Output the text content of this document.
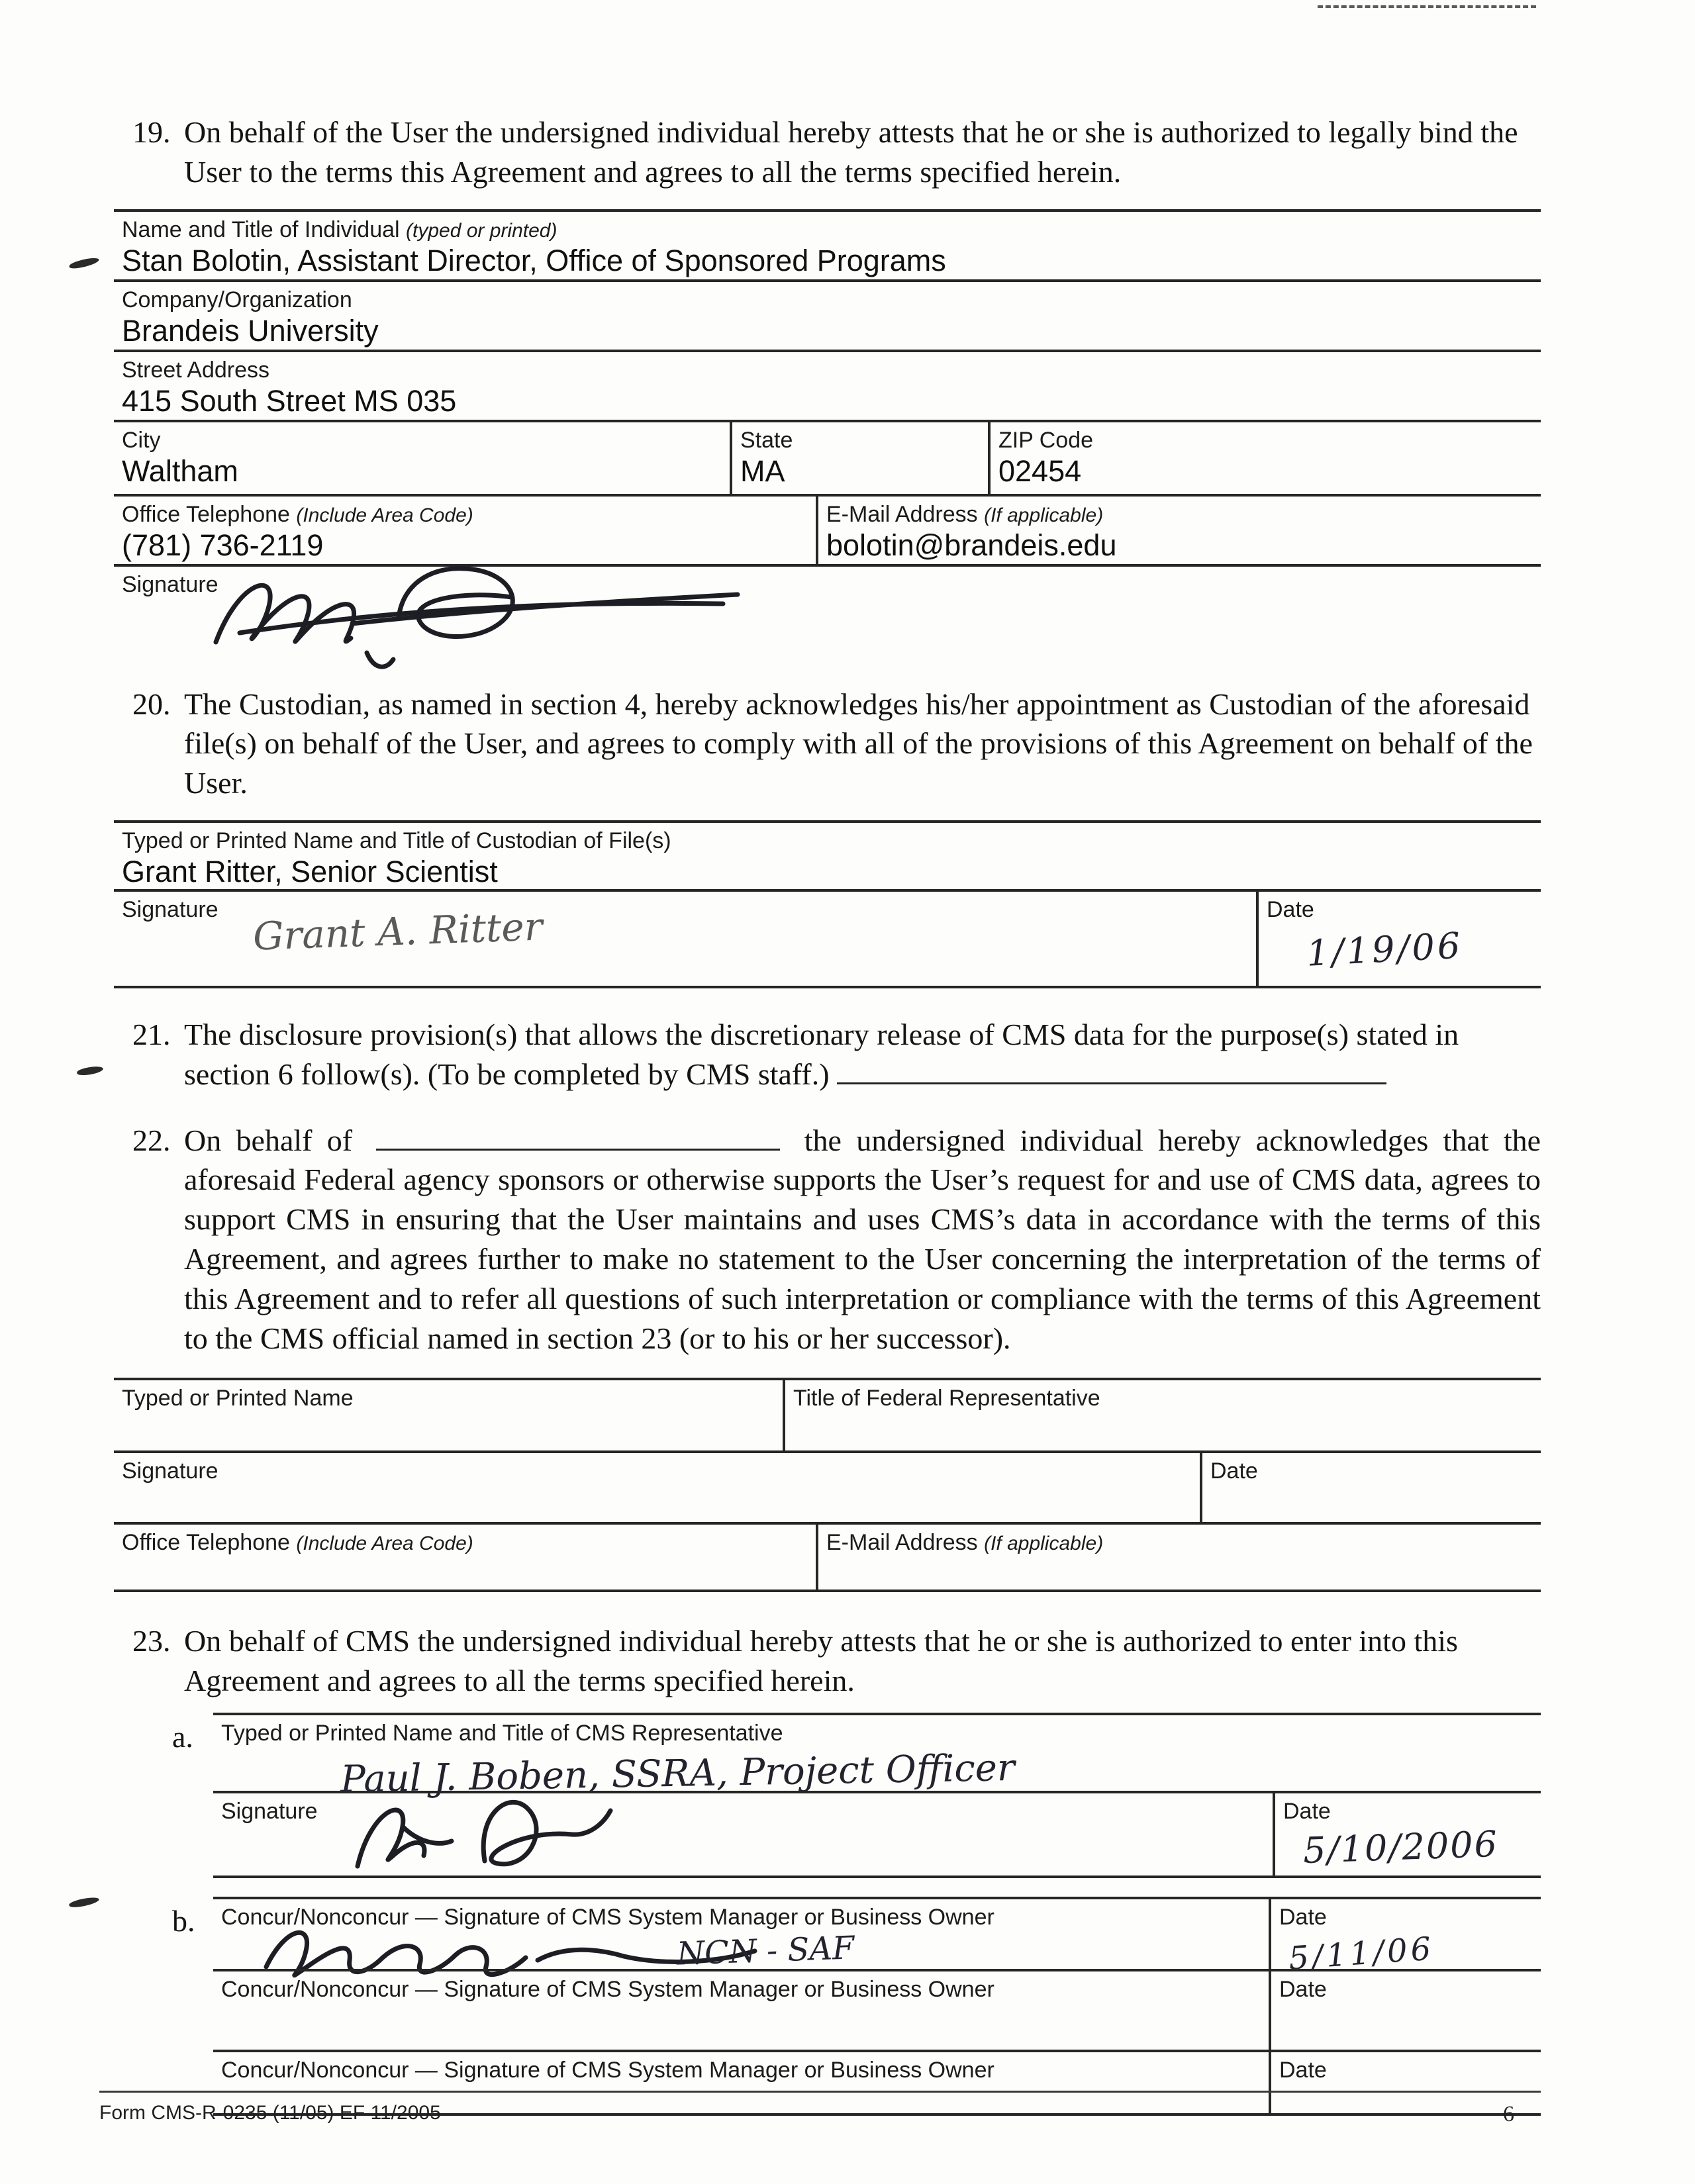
19. On behalf of the User the undersigned individual hereby attests that he or she is authorized to legally bind the User to the terms this Agreement and agrees to all the terms specified herein.
Name and Title of Individual (typed or printed)
Stan Bolotin, Assistant Director, Office of Sponsored Programs
Company/Organization
Brandeis University
Street Address
415 South Street MS 035
City
Waltham
State
MA
ZIP Code
02454
Office Telephone (Include Area Code)
(781) 736-2119
E-Mail Address (If applicable)
bolotin@brandeis.edu
Signature
20. The Custodian, as named in section 4, hereby acknowledges his/her appointment as Custodian of the aforesaid file(s) on behalf of the User, and agrees to comply with all of the provisions of this Agreement on behalf of the User.
Typed or Printed Name and Title of Custodian of File(s)
Grant Ritter, Senior Scientist
Signature Grant A. Ritter	Date
1/19/06
21. The disclosure provision(s) that allows the discretionary release of CMS data for the purpose(s) stated in section 6 follow(s). (To be completed by CMS staff.)
22. On behalf of	the undersigned individual hereby acknowledges that the aforesaid Federal agency sponsors or otherwise supports the User’s request for and use of CMS data, agrees to support CMS in ensuring that the User maintains and uses CMS’s data in accordance with the terms of this Agreement, and agrees further to make no statement to the User concerning the interpretation of the terms of this Agreement and to refer all questions of such interpretation or compliance with the terms of this Agreement to the CMS official named in section 23 (or to his or her successor).
Typed or Printed Name	Title of Federal Representative
Signature	Date
Office Telephone (Include Area Code)	E-Mail Address (If applicable)
23. On behalf of CMS the undersigned individual hereby attests that he or she is authorized to enter into this Agreement and agrees to all the terms specified herein.
a. Typed or Printed Name and Title of CMS Representative
Paul J. Boben, SSRA, Project Officer
Signature	Date
5/10/2006
b. Concur/Nonconcur — Signature of CMS System Manager or Business Owner
NCN - SAF
Date
5/11/06
Concur/Nonconcur — Signature of CMS System Manager or Business Owner	Date
Concur/Nonconcur — Signature of CMS System Manager or Business Owner	Date
Form CMS-R-0235 (11/05) EF 11/2005	6
